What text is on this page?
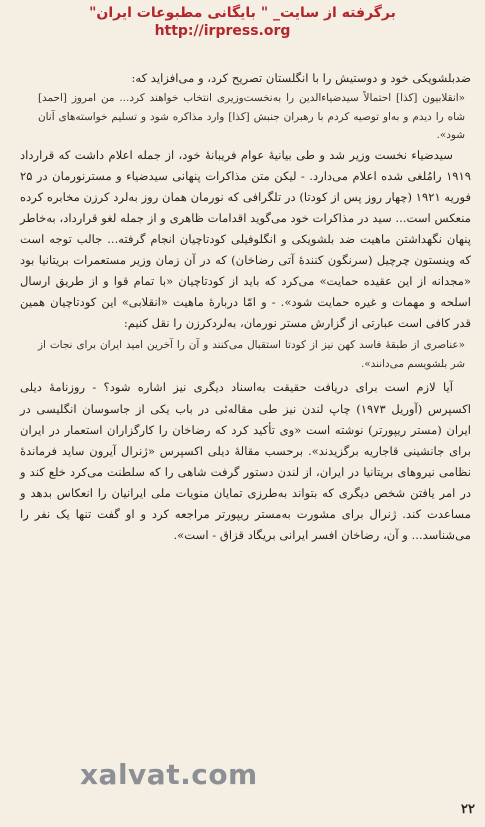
برگرفته از سایت_ " بایگانی مطبوعات ایران"
http://irpress.org

ضدبلشویکی خود و دوستیش را با انگلستان تصریح کرد، و می‌افزاید که:

«انقلابیون [کذا] احتمالاً سیدضیاءالدین را به‌نخست‌وزیری انتخاب خواهند کرد... من امروز [احمد] شاه را دیدم و به‌او توصیه کردم با رهبران جنبش [کذا] وارد مذاکره شود و تسلیم خواسته‌های آنان شود».

سیدضیاء نخست وزیر شد و طی بیانیهٔ عوام فریبانهٔ خود، از جمله اعلام داشت که قرارداد ۱۹۱۹ رامُلغی شده اعلام می‌دارد. - لیکن متن مذاکرات پنهانی سیدضیاء و مسترنورمان در ۲۵ فوریه ۱۹۲۱ (چهار روز پس از کودتا) در تلگرافی که نورمان همان روز به‌لرد کرزن مخابره کرده منعکس است... سید در مذاکرات خود می‌گوید اقدامات ظاهری و از جمله لغو قرارداد، به‌خاطر پنهان نگهداشتن ماهیت ضد بلشویکی و انگلوفیلی کودتاچیان انجام گرفته... جالب توجه است که وینستون چرچیل (سرنگون کنندهٔ آتی رضاخان) که در آن زمان وزیر مستعمرات بریتانیا بود «مجدانه از این عقیده حمایت» می‌کرد که باید از کودتاچیان «با تمام قوا و از طریق ارسال اسلحه و مهمات و غیره حمایت شود». - و امّا دربارهٔ ماهیت «انقلابی» این کودتاچیان همین قدر کافی است عبارتی از گزارش مستر نورمان، به‌لردکرزن را نقل کنیم:

«عناصری از طبقهٔ فاسد کهن نیز از کودتا استقبال می‌کنند و آن را آخرین امید ایران برای نجات از شر بلشویسم می‌دانند».

آیا لازم است برای دریافت حقیقت به‌اسناد دیگری نیز اشاره شود؟ - روزنامهٔ دیلی اکسپرس (آوریل ۱۹۷۳) چاپ لندن نیز طی مقاله‌ئی در باب یکی از جاسوسان انگلیسی در ایران (مستر ریپورتر) نوشته است «وی تأکید کرد که رضاخان را کارگزاران استعمار در ایران برای جانشینی قاجاریه برگزیدند». برحسب مقالهٔ دیلی اکسپرس «ژنرال آیرون ساید فرماندهٔ نظامی نیروهای بریتانیا در ایران، از لندن دستور گرفت شاهی را که سلطنت می‌کرد خلع کند و در امر یافتن شخص دیگری که بتواند به‌طرزی تمایان منویات ملی ایرانیان را انعکاس بدهد و مساعدت کند. ژنرال برای مشورت به‌مستر ریپورتر مراجعه کرد و او گفت تنها یک نفر را می‌شناسد... و آن، رضاخان افسر ایرانی بریگاد قزاق - است».

xalvat.com
۲۲
